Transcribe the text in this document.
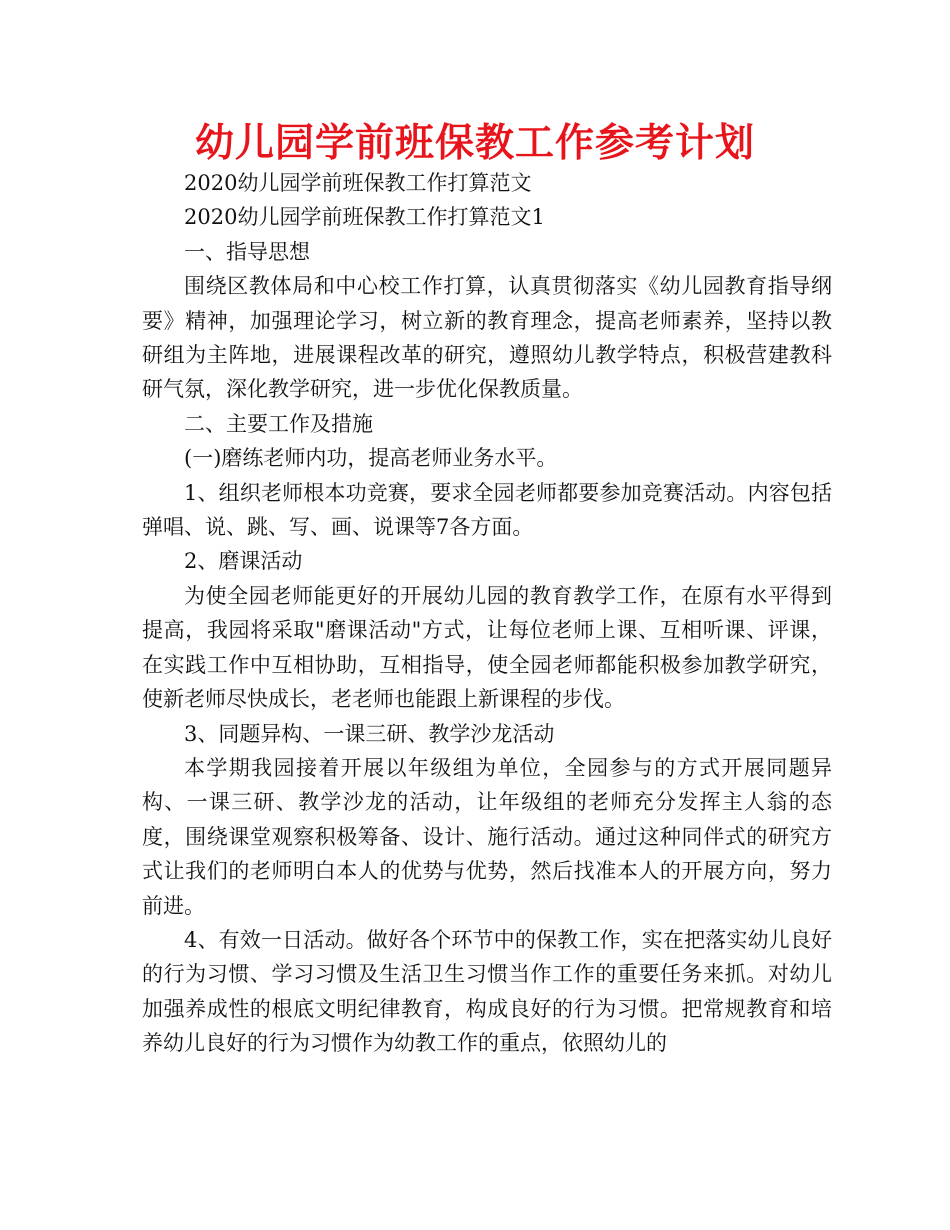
幼儿园学前班保教工作参考计划

2020幼儿园学前班保教工作打算范文

2020幼儿园学前班保教工作打算范文1

一、指导思想

围绕区教体局和中心校工作打算，认真贯彻落实《幼儿园教育指导纲要》精神，加强理论学习，树立新的教育理念，提高老师素养，坚持以教研组为主阵地，进展课程改革的研究，遵照幼儿教学特点，积极营建教科研气氛，深化教学研究，进一步优化保教质量。

二、主要工作及措施

(一)磨练老师内功，提高老师业务水平。

1、组织老师根本功竞赛，要求全园老师都要参加竞赛活动。内容包括弹唱、说、跳、写、画、说课等7各方面。

2、磨课活动

为使全园老师能更好的开展幼儿园的教育教学工作，在原有水平得到提高，我园将采取"磨课活动"方式，让每位老师上课、互相听课、评课，在实践工作中互相协助，互相指导，使全园老师都能积极参加教学研究，使新老师尽快成长，老老师也能跟上新课程的步伐。

3、同题异构、一课三研、教学沙龙活动

本学期我园接着开展以年级组为单位，全园参与的方式开展同题异构、一课三研、教学沙龙的活动，让年级组的老师充分发挥主人翁的态度，围绕课堂观察积极筹备、设计、施行活动。通过这种同伴式的研究方式让我们的老师明白本人的优势与优势，然后找准本人的开展方向，努力前进。

4、有效一日活动。做好各个环节中的保教工作，实在把落实幼儿良好的行为习惯、学习习惯及生活卫生习惯当作工作的重要任务来抓。对幼儿加强养成性的根底文明纪律教育，构成良好的行为习惯。把常规教育和培养幼儿良好的行为习惯作为幼教工作的重点，依照幼儿的
